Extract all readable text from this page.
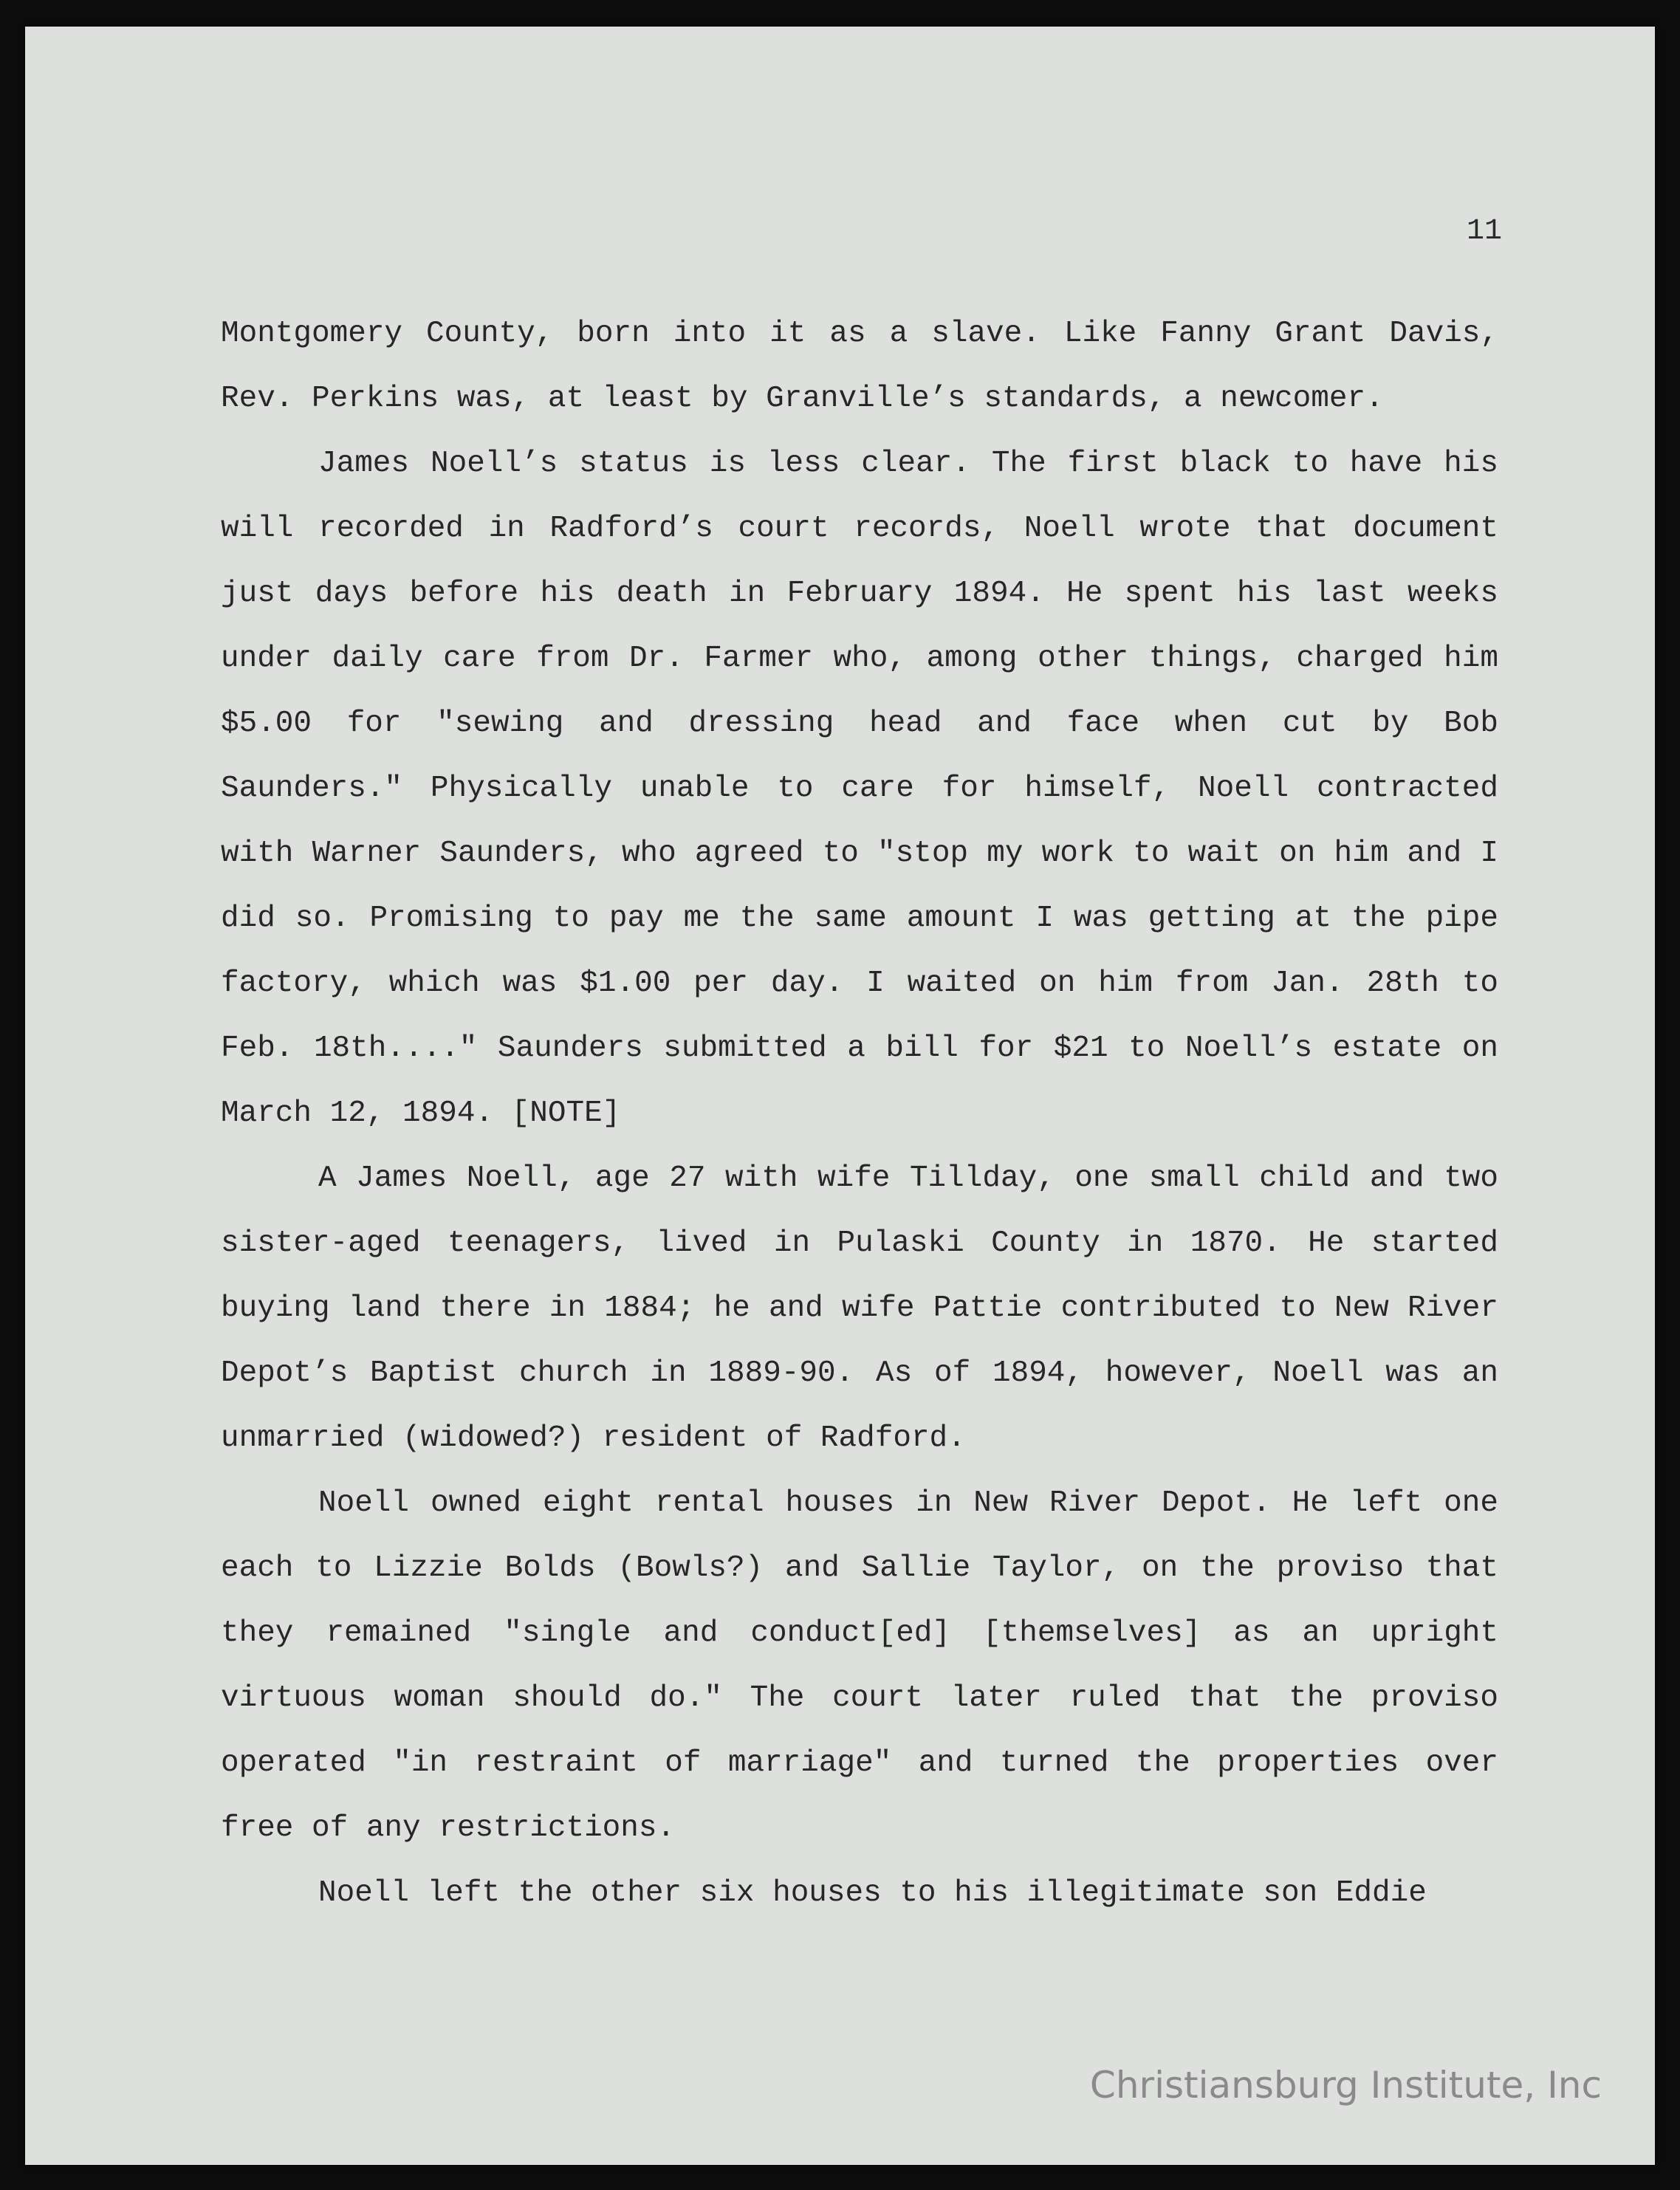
11

Montgomery County, born into it as a slave. Like Fanny Grant Davis, Rev. Perkins was, at least by Granville’s standards, a newcomer.

James Noell’s status is less clear. The first black to have his will recorded in Radford’s court records, Noell wrote that document just days before his death in February 1894. He spent his last weeks under daily care from Dr. Farmer who, among other things, charged him $5.00 for "sewing and dressing head and face when cut by Bob Saunders." Physically unable to care for himself, Noell contracted with Warner Saunders, who agreed to "stop my work to wait on him and I did so. Promising to pay me the same amount I was getting at the pipe factory, which was $1.00 per day. I waited on him from Jan. 28th to Feb. 18th...." Saunders submitted a bill for $21 to Noell’s estate on March 12, 1894. [NOTE]

A James Noell, age 27 with wife Tillday, one small child and two sister-aged teenagers, lived in Pulaski County in 1870. He started buying land there in 1884; he and wife Pattie contributed to New River Depot’s Baptist church in 1889-90. As of 1894, however, Noell was an unmarried (widowed?) resident of Radford.

Noell owned eight rental houses in New River Depot. He left one each to Lizzie Bolds (Bowls?) and Sallie Taylor, on the proviso that they remained "single and conduct[ed] [themselves] as an upright virtuous woman should do." The court later ruled that the proviso operated "in restraint of marriage" and turned the properties over free of any restrictions.

Noell left the other six houses to his illegitimate son Eddie

Christiansburg Institute, Inc
